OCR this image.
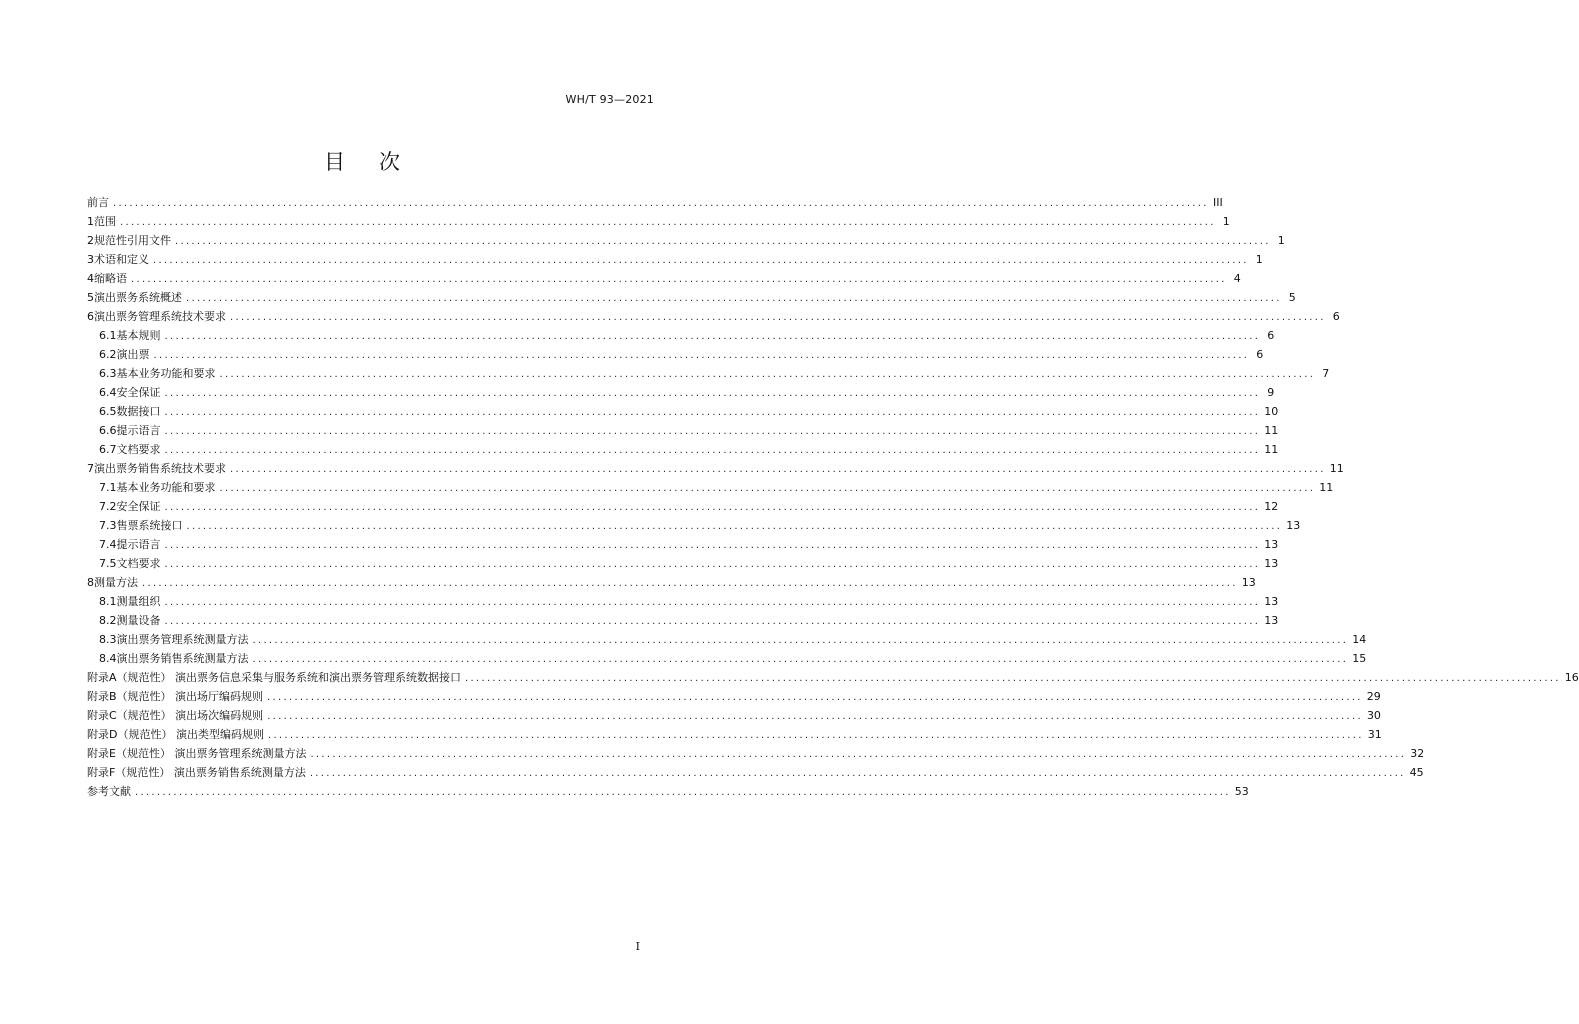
WH/T 93—2021
目次
前言 ........................................................................................................................................................................................................ III
1 范围 ........................................................................................................................................................................................................ 1
2 规范性引用文件 ........................................................................................................................................................................................................ 1
3 术语和定义 ........................................................................................................................................................................................................ 1
4 缩略语 ........................................................................................................................................................................................................ 4
5 演出票务系统概述 ........................................................................................................................................................................................................ 5
6 演出票务管理系统技术要求 ........................................................................................................................................................................................................ 6
6.1 基本规则 ........................................................................................................................................................................................................ 6
6.2 演出票 ........................................................................................................................................................................................................ 6
6.3 基本业务功能和要求 ........................................................................................................................................................................................................ 7
6.4 安全保证 ........................................................................................................................................................................................................ 9
6.5 数据接口 ........................................................................................................................................................................................................ 10
6.6 提示语言 ........................................................................................................................................................................................................ 11
6.7 文档要求 ........................................................................................................................................................................................................ 11
7 演出票务销售系统技术要求 ........................................................................................................................................................................................................ 11
7.1 基本业务功能和要求 ........................................................................................................................................................................................................ 11
7.2 安全保证 ........................................................................................................................................................................................................ 12
7.3 售票系统接口 ........................................................................................................................................................................................................ 13
7.4 提示语言 ........................................................................................................................................................................................................ 13
7.5 文档要求 ........................................................................................................................................................................................................ 13
8 测量方法 ........................................................................................................................................................................................................ 13
8.1 测量组织 ........................................................................................................................................................................................................ 13
8.2 测量设备 ........................................................................................................................................................................................................ 13
8.3 演出票务管理系统测量方法 ........................................................................................................................................................................................................ 14
8.4 演出票务销售系统测量方法 ........................................................................................................................................................................................................ 15
附录A（规范性） 演出票务信息采集与服务系统和演出票务管理系统数据接口 ........................................................................................................................................................................................................ 16
附录B（规范性） 演出场厅编码规则 ........................................................................................................................................................................................................ 29
附录C（规范性） 演出场次编码规则 ........................................................................................................................................................................................................ 30
附录D（规范性） 演出类型编码规则 ........................................................................................................................................................................................................ 31
附录E（规范性） 演出票务管理系统测量方法 ........................................................................................................................................................................................................ 32
附录F（规范性） 演出票务销售系统测量方法 ........................................................................................................................................................................................................ 45
参考文献 ........................................................................................................................................................................................................ 53
I
